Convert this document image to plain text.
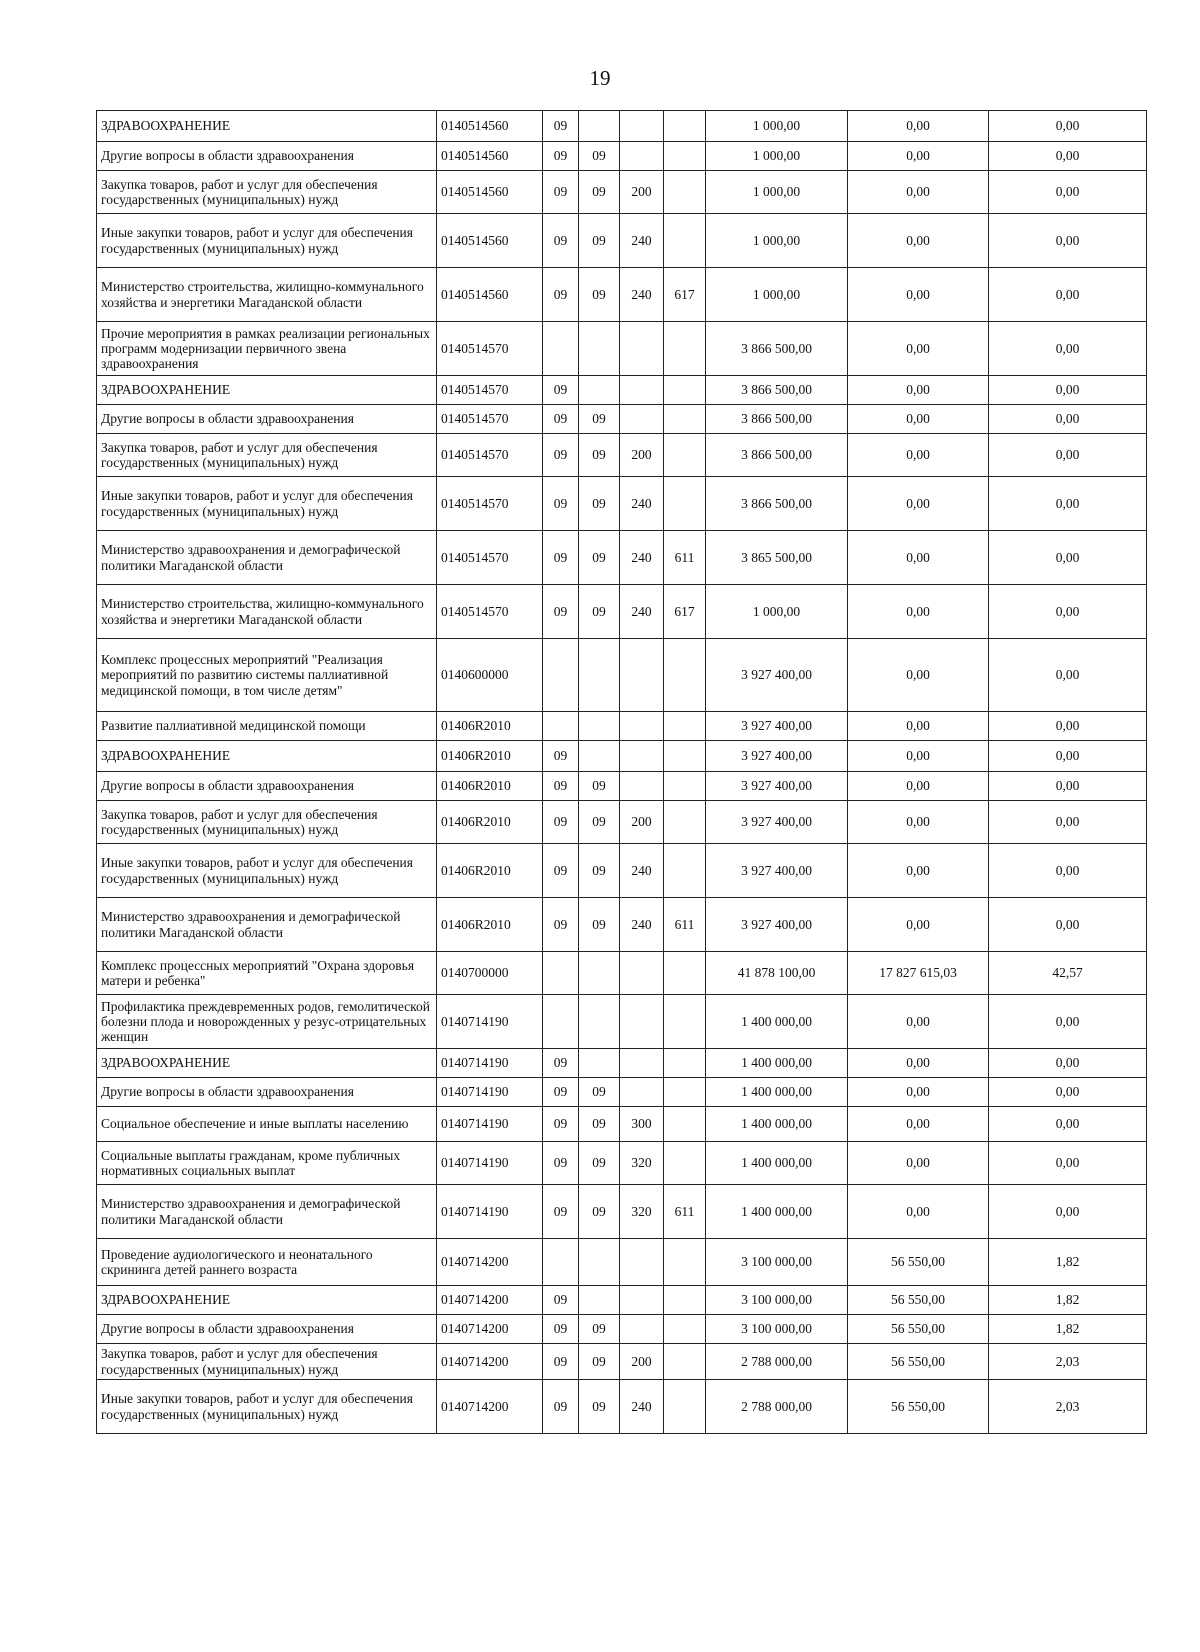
19
ЗДРАВООХРАНЕНИЕ	0140514560	09				1 000,00	0,00	0,00
Другие вопросы в области здравоохранения	0140514560	09	09			1 000,00	0,00	0,00
Закупка товаров, работ и услуг для обеспечения государственных (муниципальных) нужд	0140514560	09	09	200		1 000,00	0,00	0,00
Иные закупки товаров, работ и услуг для обеспечения государственных (муниципальных) нужд	0140514560	09	09	240		1 000,00	0,00	0,00
Министерство строительства, жилищно-коммунального хозяйства и энергетики Магаданской области	0140514560	09	09	240	617	1 000,00	0,00	0,00
Прочие мероприятия в рамках реализации региональных программ модернизации первичного звена здравоохранения	0140514570					3 866 500,00	0,00	0,00
ЗДРАВООХРАНЕНИЕ	0140514570	09				3 866 500,00	0,00	0,00
Другие вопросы в области здравоохранения	0140514570	09	09			3 866 500,00	0,00	0,00
Закупка товаров, работ и услуг для обеспечения государственных (муниципальных) нужд	0140514570	09	09	200		3 866 500,00	0,00	0,00
Иные закупки товаров, работ и услуг для обеспечения государственных (муниципальных) нужд	0140514570	09	09	240		3 866 500,00	0,00	0,00
Министерство здравоохранения и демографической политики Магаданской области	0140514570	09	09	240	611	3 865 500,00	0,00	0,00
Министерство строительства, жилищно-коммунального хозяйства и энергетики Магаданской области	0140514570	09	09	240	617	1 000,00	0,00	0,00
Комплекс процессных мероприятий "Реализация мероприятий по развитию системы паллиативной медицинской помощи, в том числе детям"	0140600000					3 927 400,00	0,00	0,00
Развитие паллиативной медицинской помощи	01406R2010					3 927 400,00	0,00	0,00
ЗДРАВООХРАНЕНИЕ	01406R2010	09				3 927 400,00	0,00	0,00
Другие вопросы в области здравоохранения	01406R2010	09	09			3 927 400,00	0,00	0,00
Закупка товаров, работ и услуг для обеспечения государственных (муниципальных) нужд	01406R2010	09	09	200		3 927 400,00	0,00	0,00
Иные закупки товаров, работ и услуг для обеспечения государственных (муниципальных) нужд	01406R2010	09	09	240		3 927 400,00	0,00	0,00
Министерство здравоохранения и демографической политики Магаданской области	01406R2010	09	09	240	611	3 927 400,00	0,00	0,00
Комплекс процессных мероприятий "Охрана здоровья матери и ребенка"	0140700000					41 878 100,00	17 827 615,03	42,57
Профилактика преждевременных родов, гемолитической болезни плода и новорожденных у резус-отрицательных женщин	0140714190					1 400 000,00	0,00	0,00
ЗДРАВООХРАНЕНИЕ	0140714190	09				1 400 000,00	0,00	0,00
Другие вопросы в области здравоохранения	0140714190	09	09			1 400 000,00	0,00	0,00
Социальное обеспечение и иные выплаты населению	0140714190	09	09	300		1 400 000,00	0,00	0,00
Социальные выплаты гражданам, кроме публичных нормативных социальных выплат	0140714190	09	09	320		1 400 000,00	0,00	0,00
Министерство здравоохранения и демографической политики Магаданской области	0140714190	09	09	320	611	1 400 000,00	0,00	0,00
Проведение аудиологического и неонатального скрининга детей раннего возраста	0140714200					3 100 000,00	56 550,00	1,82
ЗДРАВООХРАНЕНИЕ	0140714200	09				3 100 000,00	56 550,00	1,82
Другие вопросы в области здравоохранения	0140714200	09	09			3 100 000,00	56 550,00	1,82
Закупка товаров, работ и услуг для обеспечения государственных (муниципальных) нужд	0140714200	09	09	200		2 788 000,00	56 550,00	2,03
Иные закупки товаров, работ и услуг для обеспечения государственных (муниципальных) нужд	0140714200	09	09	240		2 788 000,00	56 550,00	2,03
